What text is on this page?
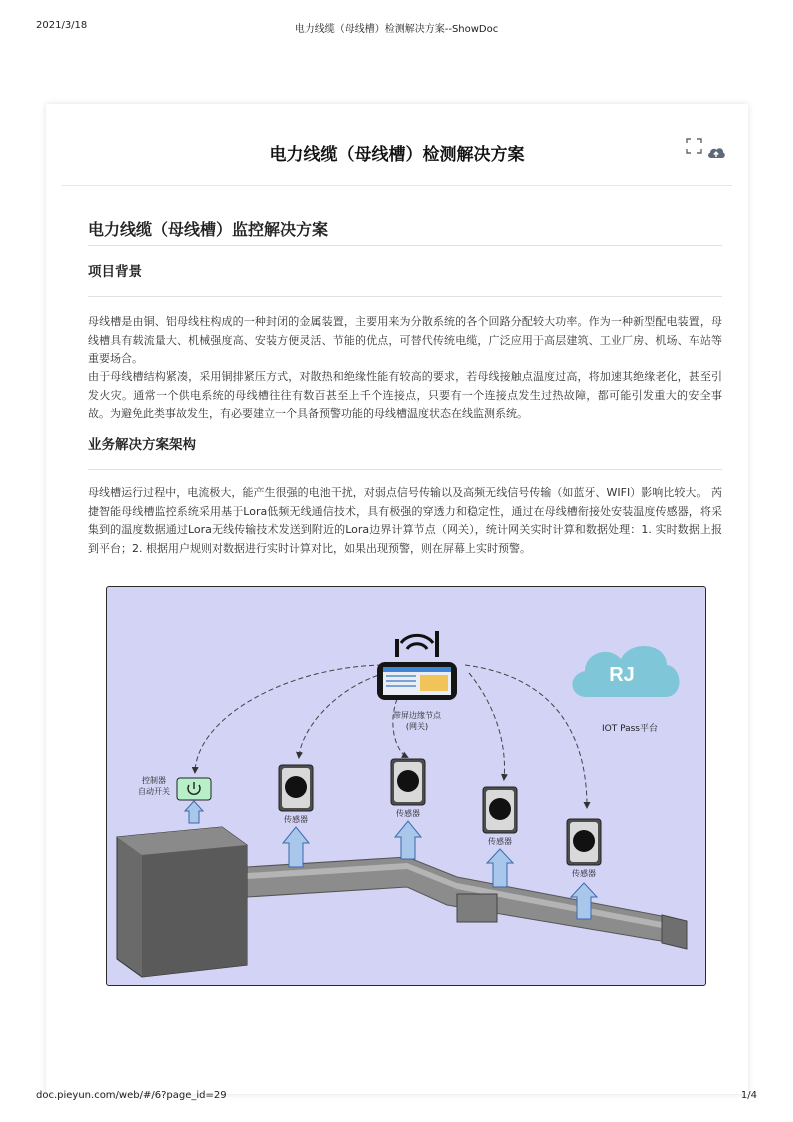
2021/3/18	电力线缆（母线槽）检测解决方案--ShowDoc
电力线缆（母线槽）检测解决方案
电力线缆（母线槽）监控解决方案
项目背景

母线槽是由铜、铝母线柱构成的一种封闭的金属装置，主要用来为分散系统的各个回路分配较大功率。作为一种新型配电装置，母线槽具有载流量大、机械强度高、安装方便灵活、节能的优点，可替代传统电缆，广泛应用于高层建筑、工业厂房、机场、车站等重要场合。

由于母线槽结构紧凑，采用铜排紧压方式，对散热和绝缘性能有较高的要求，若母线接触点温度过高，将加速其绝缘老化，甚至引发火灾。通常一个供电系统的母线槽往往有数百甚至上千个连接点，只要有一个连接点发生过热故障，都可能引发重大的安全事故。为避免此类事故发生，有必要建立一个具备预警功能的母线槽温度状态在线监测系统。

业务解决方案架构

母线槽运行过程中，电流极大，能产生很强的电池干扰，对弱点信号传输以及高频无线信号传输（如蓝牙、WIFI）影响比较大。 芮捷智能母线槽监控系统采用基于Lora低频无线通信技术，具有极强的穿透力和稳定性，通过在母线槽衔接处安装温度传感器，将采集到的温度数据通过Lora无线传输技术发送到附近的Lora边界计算节点（网关），统计网关实时计算和数据处理：1. 实时数据上报到平台；2. 根据用户规则对数据进行实时计算对比，如果出现预警，则在屏幕上实时预警。

RJ
带屏边缘节点
(网关)	IOT Pass平台
控制器
自动开关
传感器
传感器
传感器
传感器
doc.pieyun.com/web/#/6?page_id=29	1/4
